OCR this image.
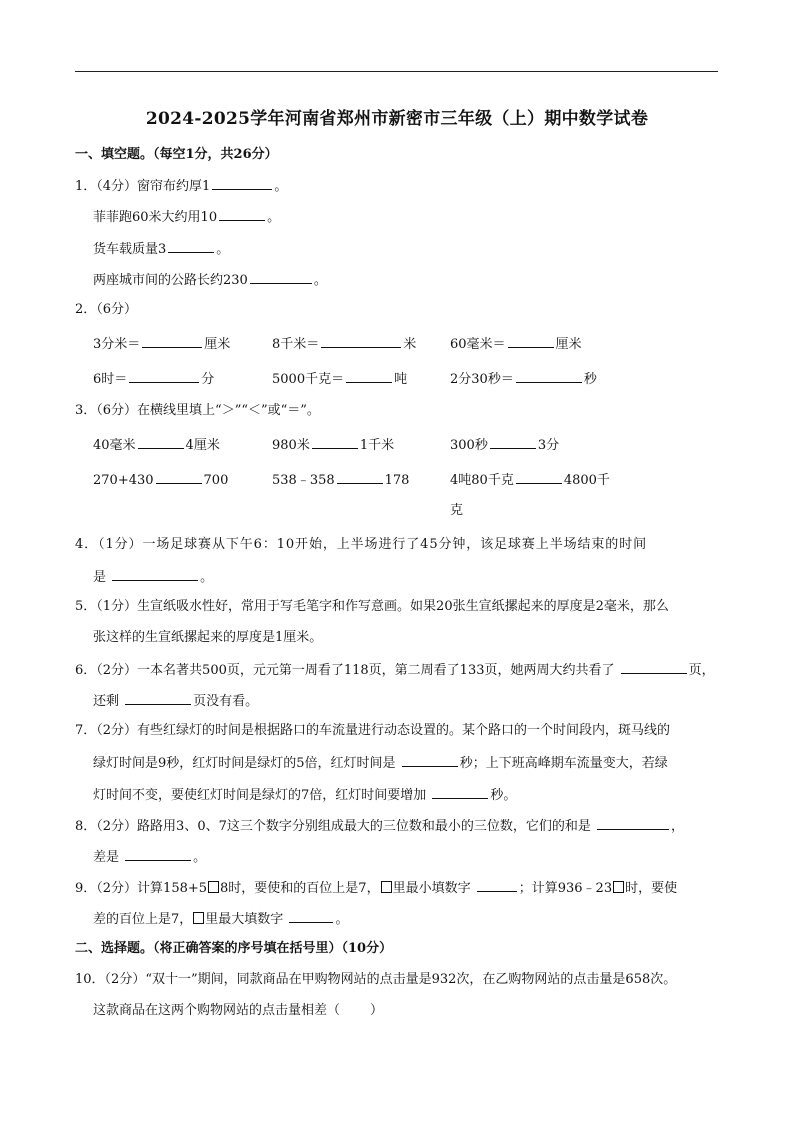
2024-2025学年河南省郑州市新密市三年级（上）期中数学试卷
一、填空题。（每空1分，共26分）
1．（4分）窗帘布约厚1	。
菲菲跑60米大约用10	。
货车载质量3	。
两座城市间的公路长约230	。
2．（6分）
3分米＝	厘米	8千米＝	米	60毫米＝	厘米
6时＝	分	5000千克＝	吨	2分30秒＝	秒
3．（6分）在横线里填上“＞”“＜”或“＝”。
40毫米	4厘米	980米	1千米	300秒	3分
270+430	700	538﹣358	178	4吨80千克	4800千
克
4．（1分）一场足球赛从下午6：10开始，上半场进行了45分钟，该足球赛上半场结束的时间
是	。
5．（1分）生宣纸吸水性好，常用于写毛笔字和作写意画。如果20张生宣纸摞起来的厚度是2毫米，那么
张这样的生宣纸摞起来的厚度是1厘米。
6．（2分）一本名著共500页，元元第一周看了118页，第二周看了133页，她两周大约共看了	页，
还剩	页没有看。
7．（2分）有些红绿灯的时间是根据路口的车流量进行动态设置的。某个路口的一个时间段内，斑马线的
绿灯时间是9秒，红灯时间是绿灯的5倍，红灯时间是	秒；上下班高峰期车流量变大，若绿
灯时间不变，要使红灯时间是绿灯的7倍，红灯时间要增加	秒。
8．（2分）路路用3、0、7这三个数字分别组成最大的三位数和最小的三位数，它们的和是	，
差是	。
9．（2分）计算158+5 8时，要使和的百位上是7， 里最小填数字	；计算936﹣23 时，要使
差的百位上是7， 里最大填数字	。
二、选择题。（将正确答案的序号填在括号里）（10分）
10．（2分）“双十一”期间，同款商品在甲购物网站的点击量是932次，在乙购物网站的点击量是658次。
这款商品在这两个购物网站的点击量相差（ ）
